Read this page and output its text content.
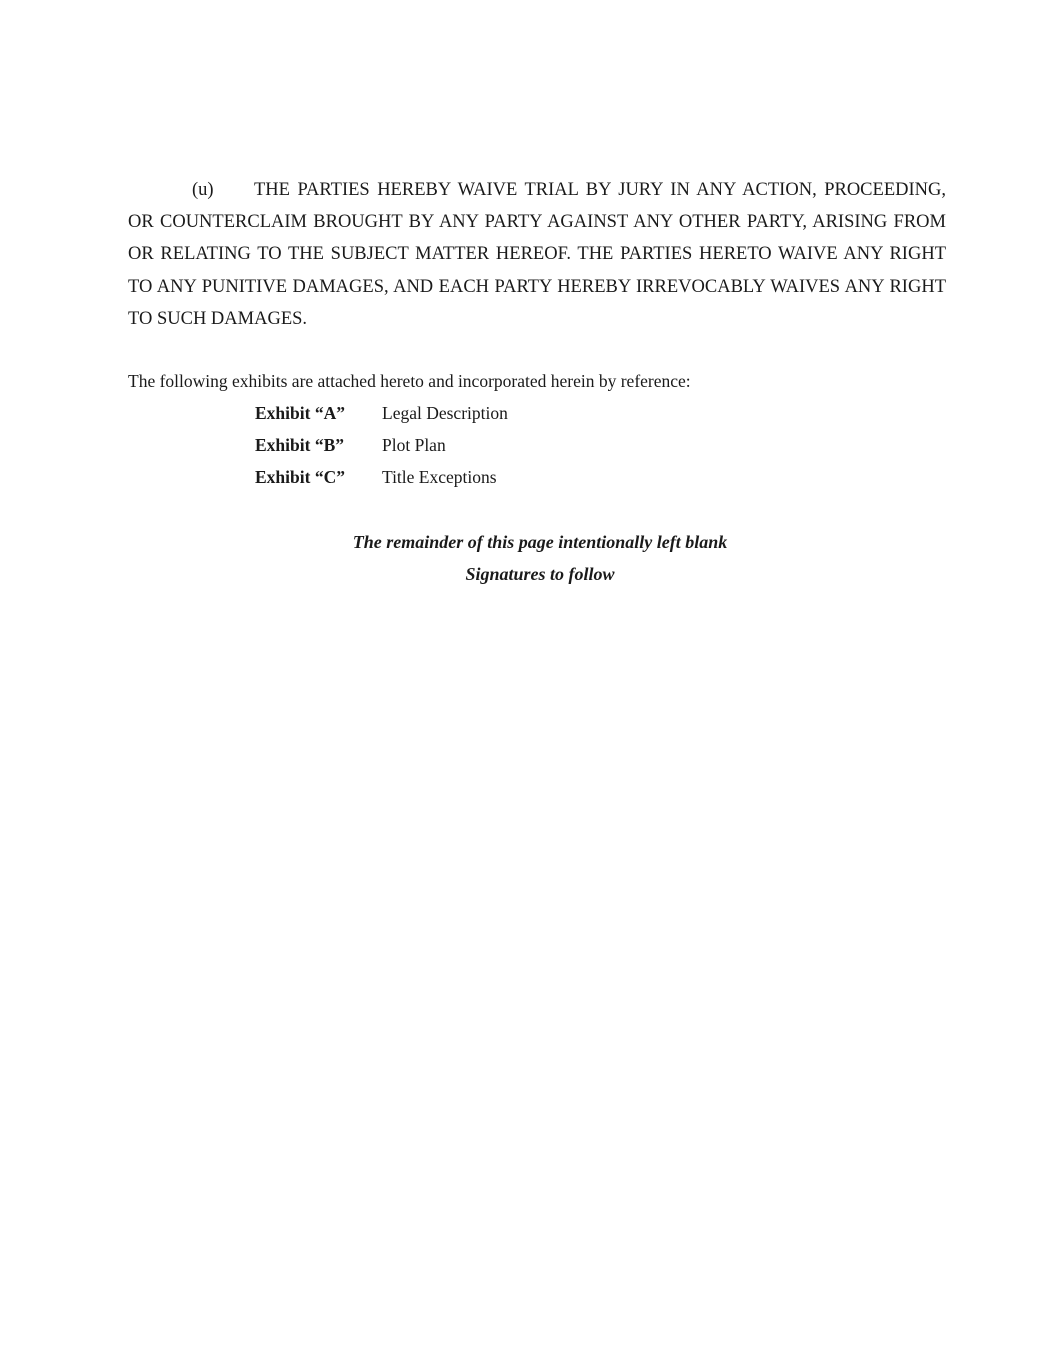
(u) THE PARTIES HEREBY WAIVE TRIAL BY JURY IN ANY ACTION, PROCEEDING, OR COUNTERCLAIM BROUGHT BY ANY PARTY AGAINST ANY OTHER PARTY, ARISING FROM OR RELATING TO THE SUBJECT MATTER HEREOF. THE PARTIES HERETO WAIVE ANY RIGHT TO ANY PUNITIVE DAMAGES, AND EACH PARTY HEREBY IRREVOCABLY WAIVES ANY RIGHT TO SUCH DAMAGES.

The following exhibits are attached hereto and incorporated herein by reference:

Exhibit “A” Legal Description
Exhibit “B” Plot Plan
Exhibit “C” Title Exceptions

The remainder of this page intentionally left blank

Signatures to follow
